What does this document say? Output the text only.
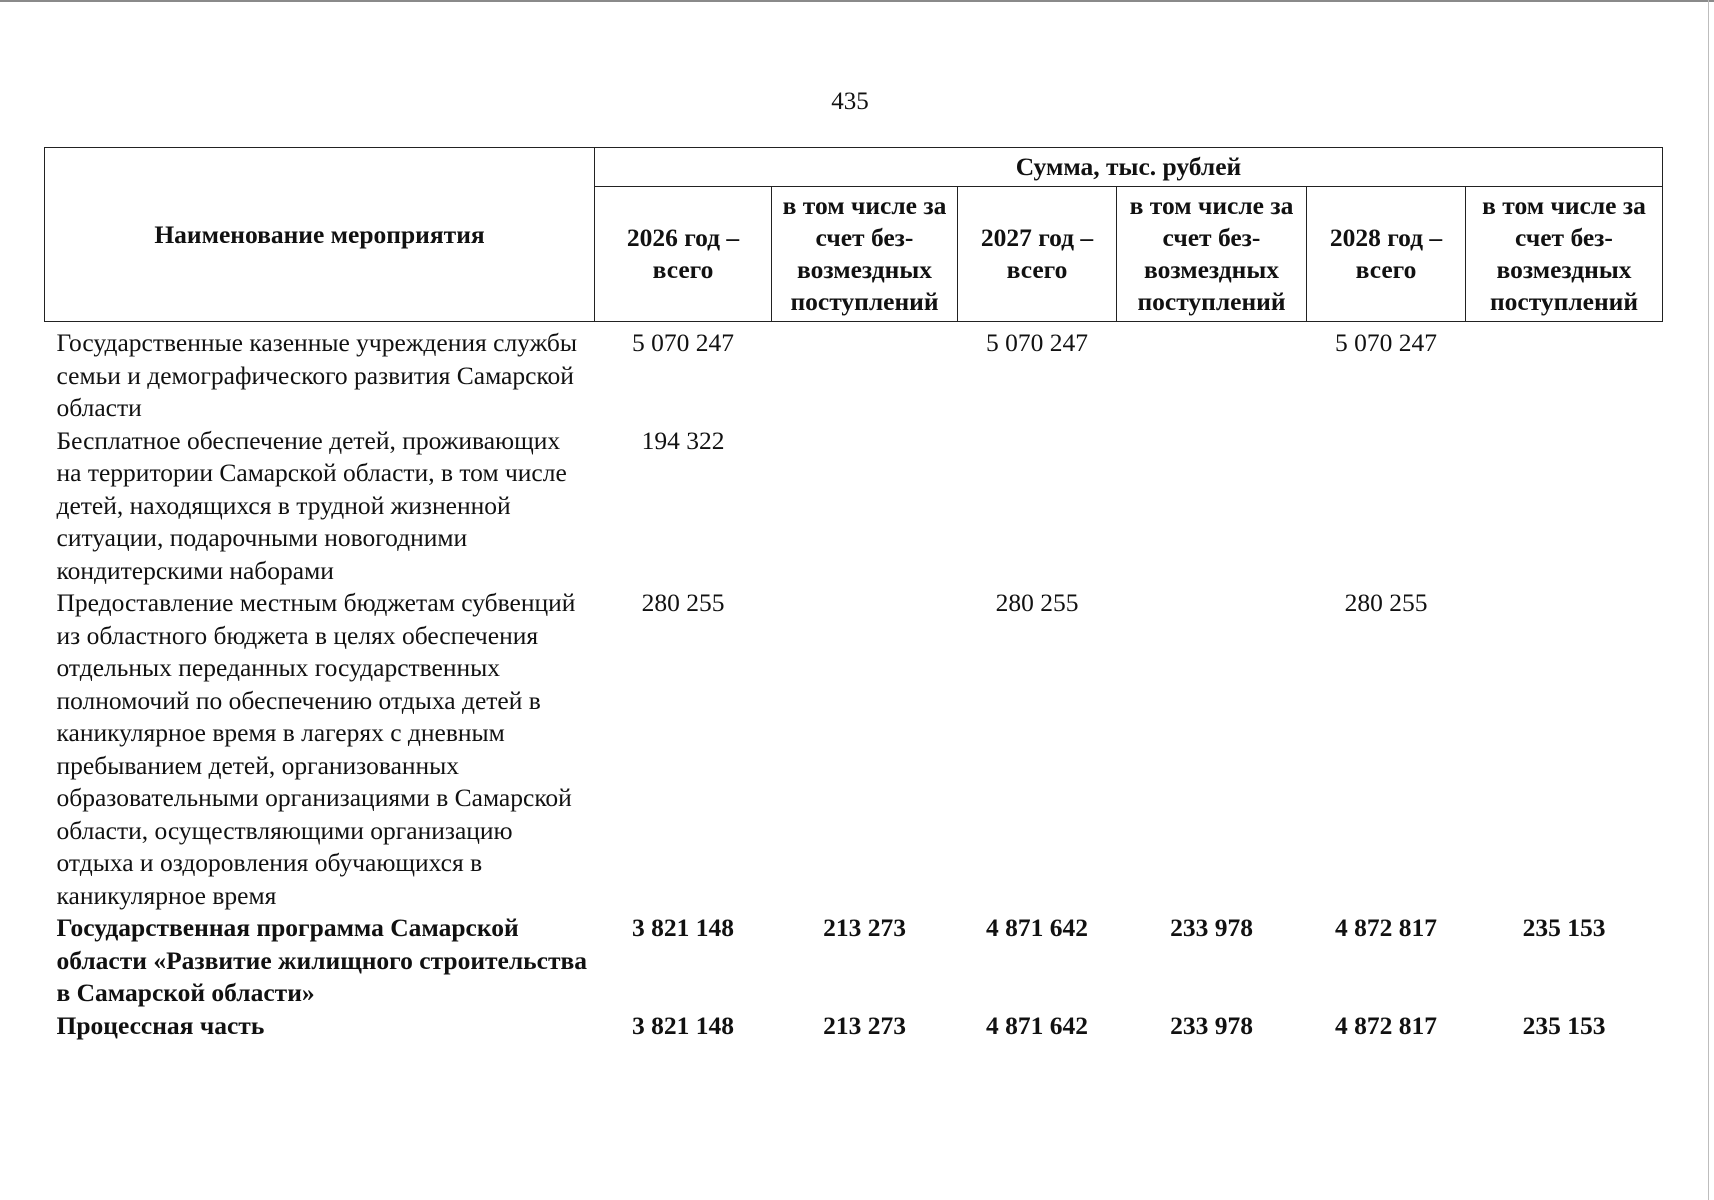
435
Наименование мероприятия	Сумма, тыс. рублей					
	2026 год – всего	в том числе за счет без-возмездных поступлений	2027 год – всего	в том числе за счет без-возмездных поступлений	2028 год – всего	в том числе за счет без-возмездных поступлений
Государственные казенные учреждения службы семьи и демографического развития Самарской области	5 070 247		5 070 247		5 070 247	
Бесплатное обеспечение детей, проживающих на территории Самарской области, в том числе детей, находящихся в трудной жизненной ситуации, подарочными новогодними кондитерскими наборами	194 322					
Предоставление местным бюджетам субвенций из областного бюджета в целях обеспечения отдельных переданных государственных полномочий по обеспечению отдыха детей в каникулярное время в лагерях с дневным пребыванием детей, организованных образовательными организациями в Самарской области, осуществляющими организацию отдыха и оздоровления обучающихся в каникулярное время	280 255		280 255		280 255	
Государственная программа Самарской области «Развитие жилищного строительства в Самарской области»	3 821 148	213 273	4 871 642	233 978	4 872 817	235 153
Процессная часть	3 821 148	213 273	4 871 642	233 978	4 872 817	235 153
